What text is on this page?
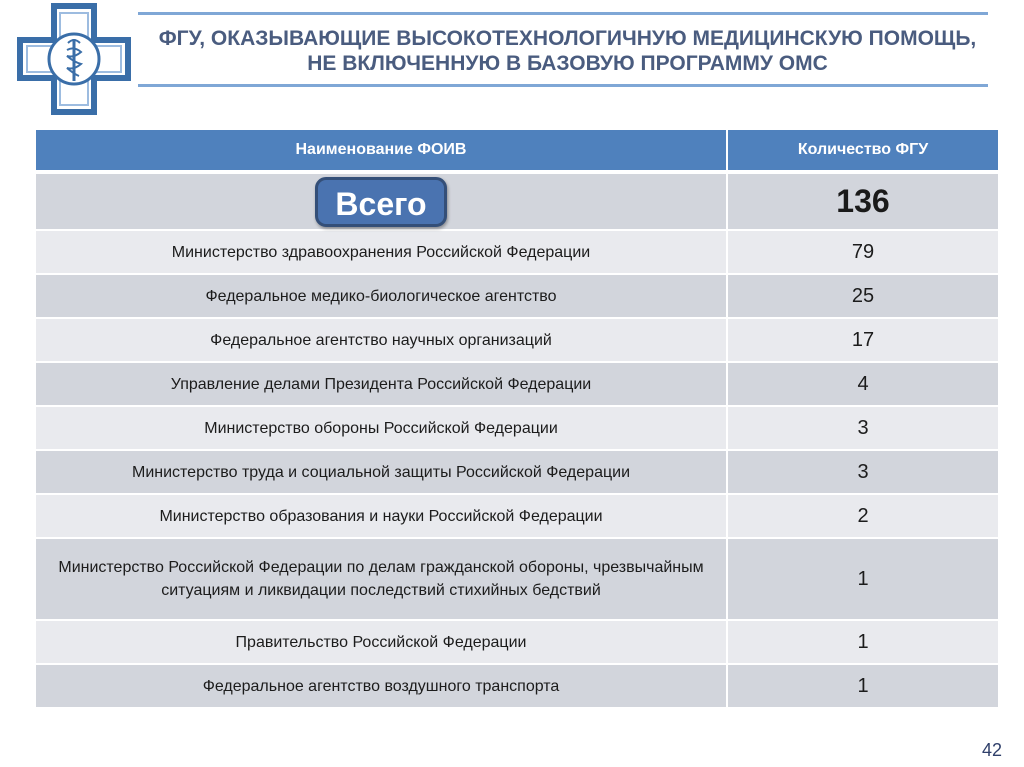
ФГУ, ОКАЗЫВАЮЩИЕ ВЫСОКОТЕХНОЛОГИЧНУЮ МЕДИЦИНСКУЮ ПОМОЩЬ,
НЕ ВКЛЮЧЕННУЮ В БАЗОВУЮ ПРОГРАММУ ОМС
Наименование ФОИВ	Количество ФГУ
Всего	136
Министерство здравоохранения Российской Федерации	79
Федеральное медико-биологическое агентство	25
Федеральное агентство научных организаций	17
Управление делами Президента Российской Федерации	4
Министерство обороны Российской Федерации	3
Министерство труда и социальной защиты Российской Федерации	3
Министерство образования и науки Российской Федерации	2
Министерство Российской Федерации по делам гражданской обороны, чрезвычайным ситуациям и ликвидации последствий стихийных бедствий	1
Правительство Российской Федерации	1
Федеральное агентство воздушного транспорта	1
42
